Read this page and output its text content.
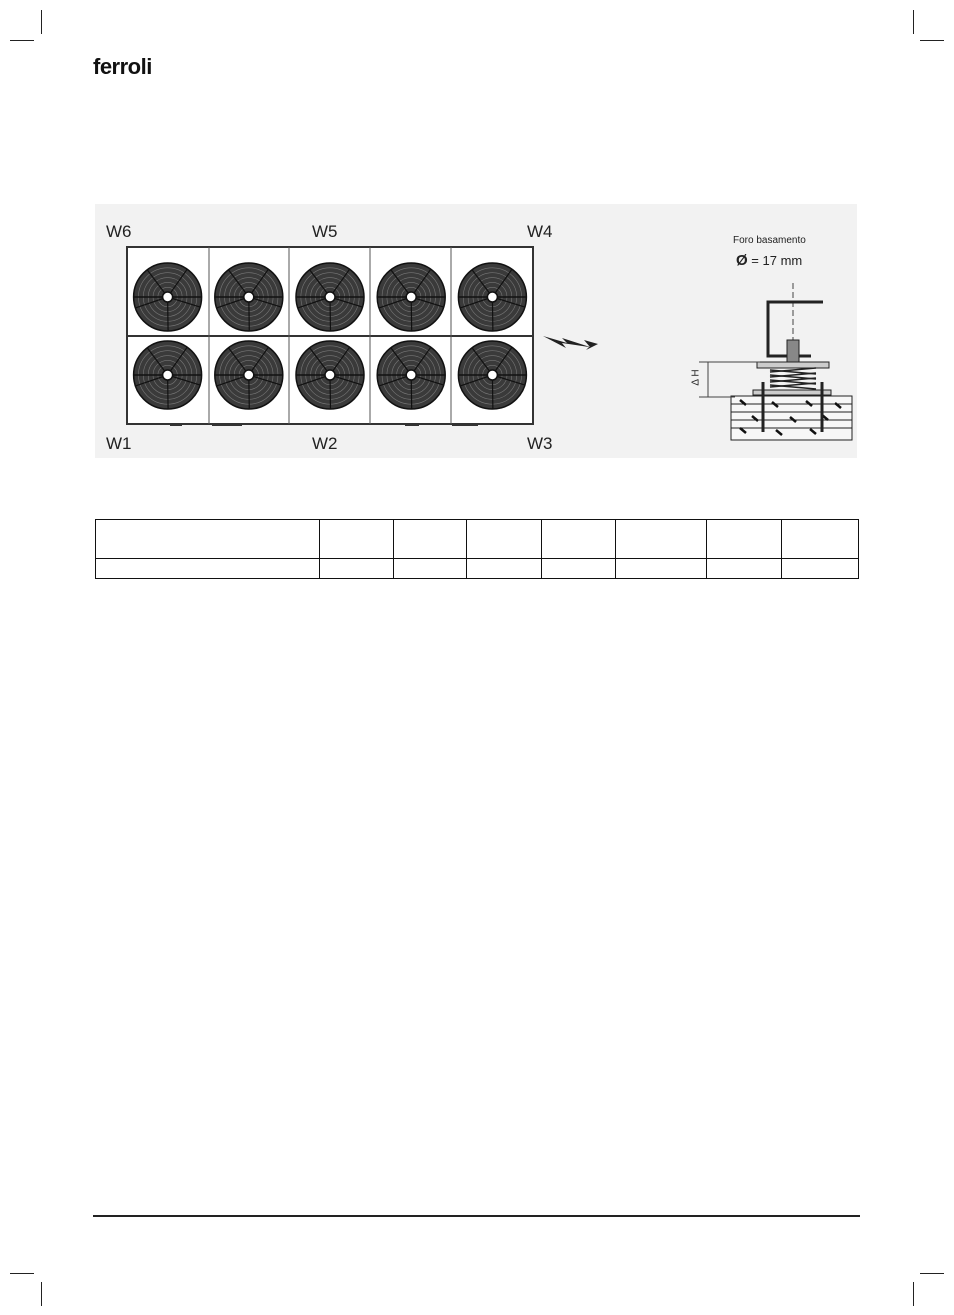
ferroli
W6	W5	W4
W1	W2	W3
Foro basamento
Ø = 17 mm
Δ H
